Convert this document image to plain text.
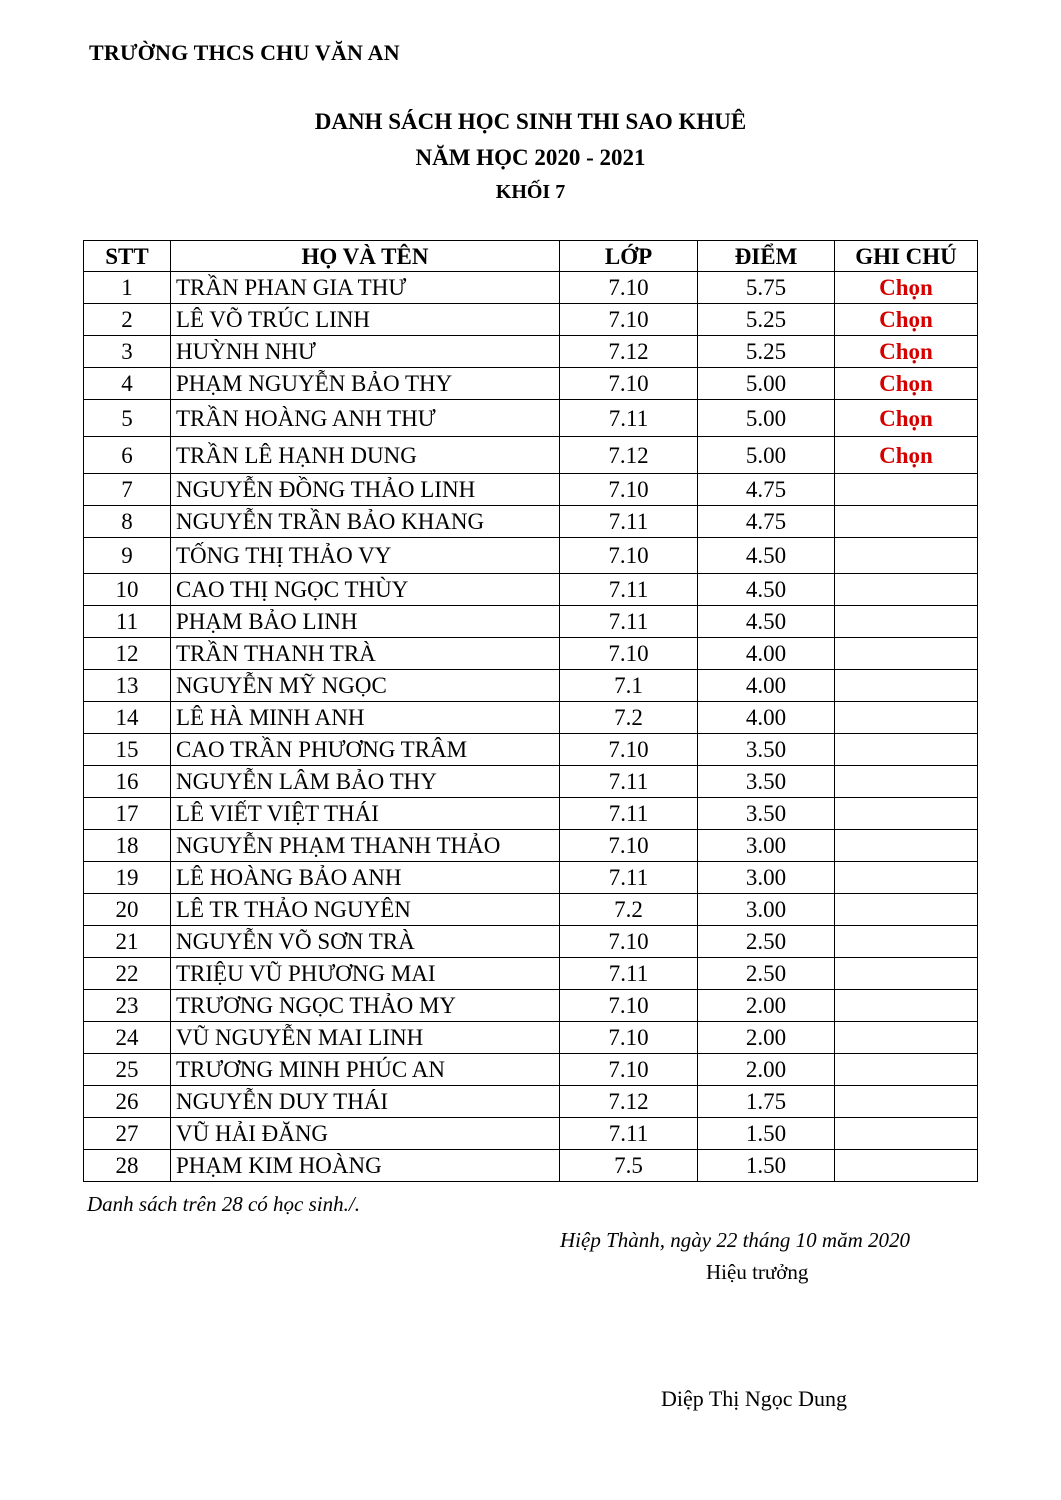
TRƯỜNG THCS CHU VĂN AN
DANH SÁCH HỌC SINH THI SAO KHUÊ
NĂM HỌC 2020 - 2021
KHỐI 7
STT	HỌ VÀ TÊN	LỚP	ĐIỂM	GHI CHÚ
1	TRẦN PHAN GIA THƯ	7.10	5.75	Chọn
2	LÊ VÕ TRÚC LINH	7.10	5.25	Chọn
3	HUỲNH NHƯ	7.12	5.25	Chọn
4	PHẠM NGUYỄN BẢO THY	7.10	5.00	Chọn
5	TRẦN HOÀNG ANH THƯ	7.11	5.00	Chọn
6	TRẦN LÊ HẠNH DUNG	7.12	5.00	Chọn
7	NGUYỄN ĐỒNG THẢO LINH	7.10	4.75	
8	NGUYỄN TRẦN BẢO KHANG	7.11	4.75	
9	TỐNG THỊ THẢO VY	7.10	4.50	
10	CAO THỊ NGỌC THÙY	7.11	4.50	
11	PHẠM BẢO LINH	7.11	4.50	
12	TRẦN THANH TRÀ	7.10	4.00	
13	NGUYỄN MỸ NGỌC	7.1	4.00	
14	LÊ HÀ MINH ANH	7.2	4.00	
15	CAO TRẦN PHƯƠNG TRÂM	7.10	3.50	
16	NGUYỄN LÂM BẢO THY	7.11	3.50	
17	LÊ VIẾT VIỆT THÁI	7.11	3.50	
18	NGUYỄN PHẠM THANH THẢO	7.10	3.00	
19	LÊ HOÀNG BẢO ANH	7.11	3.00	
20	LÊ TR THẢO NGUYÊN	7.2	3.00	
21	NGUYỄN VÕ SƠN TRÀ	7.10	2.50	
22	TRIỆU VŨ PHƯƠNG MAI	7.11	2.50	
23	TRƯƠNG NGỌC THẢO MY	7.10	2.00	
24	VŨ NGUYỄN MAI LINH	7.10	2.00	
25	TRƯƠNG MINH PHÚC AN	7.10	2.00	
26	NGUYỄN DUY THÁI	7.12	1.75	
27	VŨ HẢI ĐĂNG	7.11	1.50	
28	PHẠM KIM HOÀNG	7.5	1.50	
Danh sách trên 28 có học sinh./.
Hiệp Thành, ngày 22 tháng 10 măm 2020
Hiệu trưởng
Diệp Thị Ngọc Dung
